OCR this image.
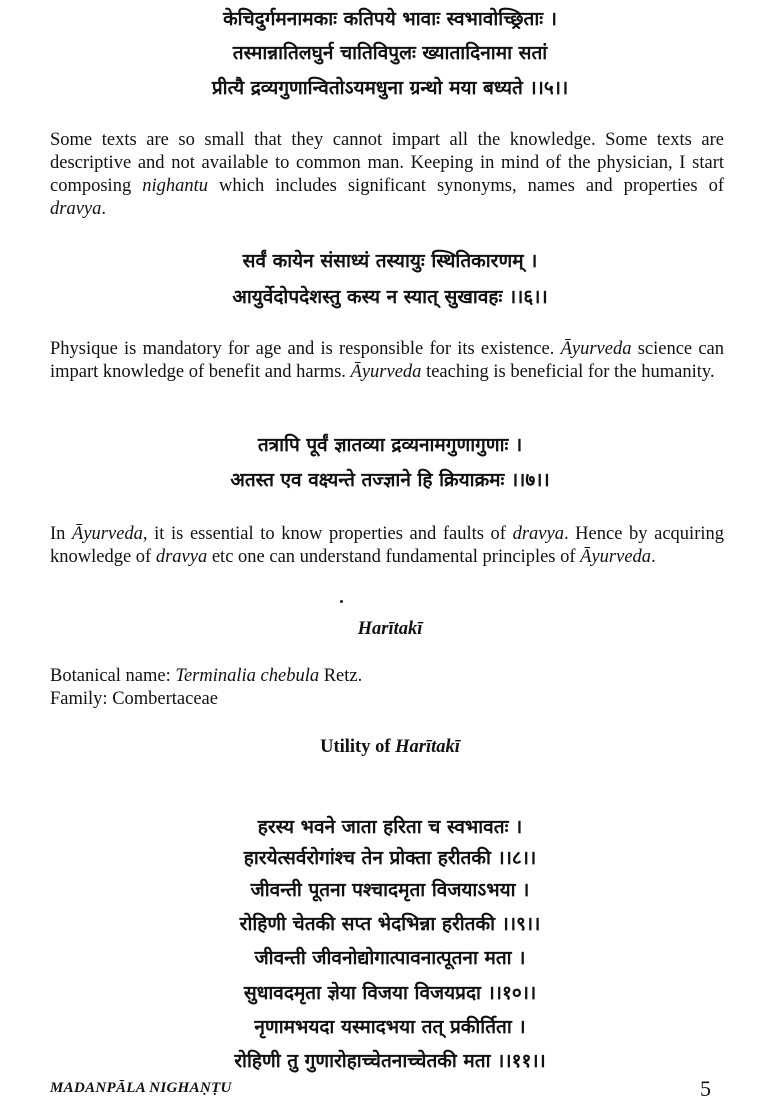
केचिदुर्गमनामकाः कतिपये भावाः स्वभावोच्छ्रिताः ।
तस्मान्नातिलघुर्न चातिविपुलः ख्यातादिनामा सतां
प्रीत्यै द्रव्यगुणान्वितोऽयमधुना ग्रन्थो मया बध्यते ।।५।।
Some texts are so small that they cannot impart all the knowledge. Some texts are descriptive and not available to common man. Keeping in mind of the physician, I start composing nighantu which includes significant synonyms, names and properties of dravya.
सर्वं कायेन संसाध्यं तस्यायुः स्थितिकारणम् ।
आयुर्वेदोपदेशस्तु कस्य न स्यात् सुखावहः ।।६।।
Physique is mandatory for age and is responsible for its existence. Āyurveda science can impart knowledge of benefit and harms. Āyurveda teaching is beneficial for the humanity.
तत्रापि पूर्वं ज्ञातव्या द्रव्यनामगुणागुणाः ।
अतस्त एव वक्ष्यन्ते तज्ज्ञाने हि क्रियाक्रमः ।।७।।
In Āyurveda, it is essential to know properties and faults of dravya. Hence by acquiring knowledge of dravya etc one can understand fundamental principles of Āyurveda.
Harītakī
Botanical name: Terminalia chebula Retz.
Family: Combertaceae
Utility of Harītakī
हरस्य भवने जाता हरिता च स्वभावतः ।
हारयेत्सर्वरोगांश्च तेन प्रोक्ता हरीतकी ।।८।।
जीवन्ती पूतना पश्चादमृता विजयाऽभया ।
रोहिणी चेतकी सप्त भेदभिन्ना हरीतकी ।।९।।
जीवन्ती जीवनोद्योगात्पावनात्पूतना मता ।
सुधावदमृता ज्ञेया विजया विजयप्रदा ।।१०।।
नृणामभयदा यस्मादभया तत् प्रकीर्तिता ।
रोहिणी तु गुणारोहाच्चेतनाच्चेतकी मता ।।११।।
MADANPĀLA NIGHAṆṬU	5
